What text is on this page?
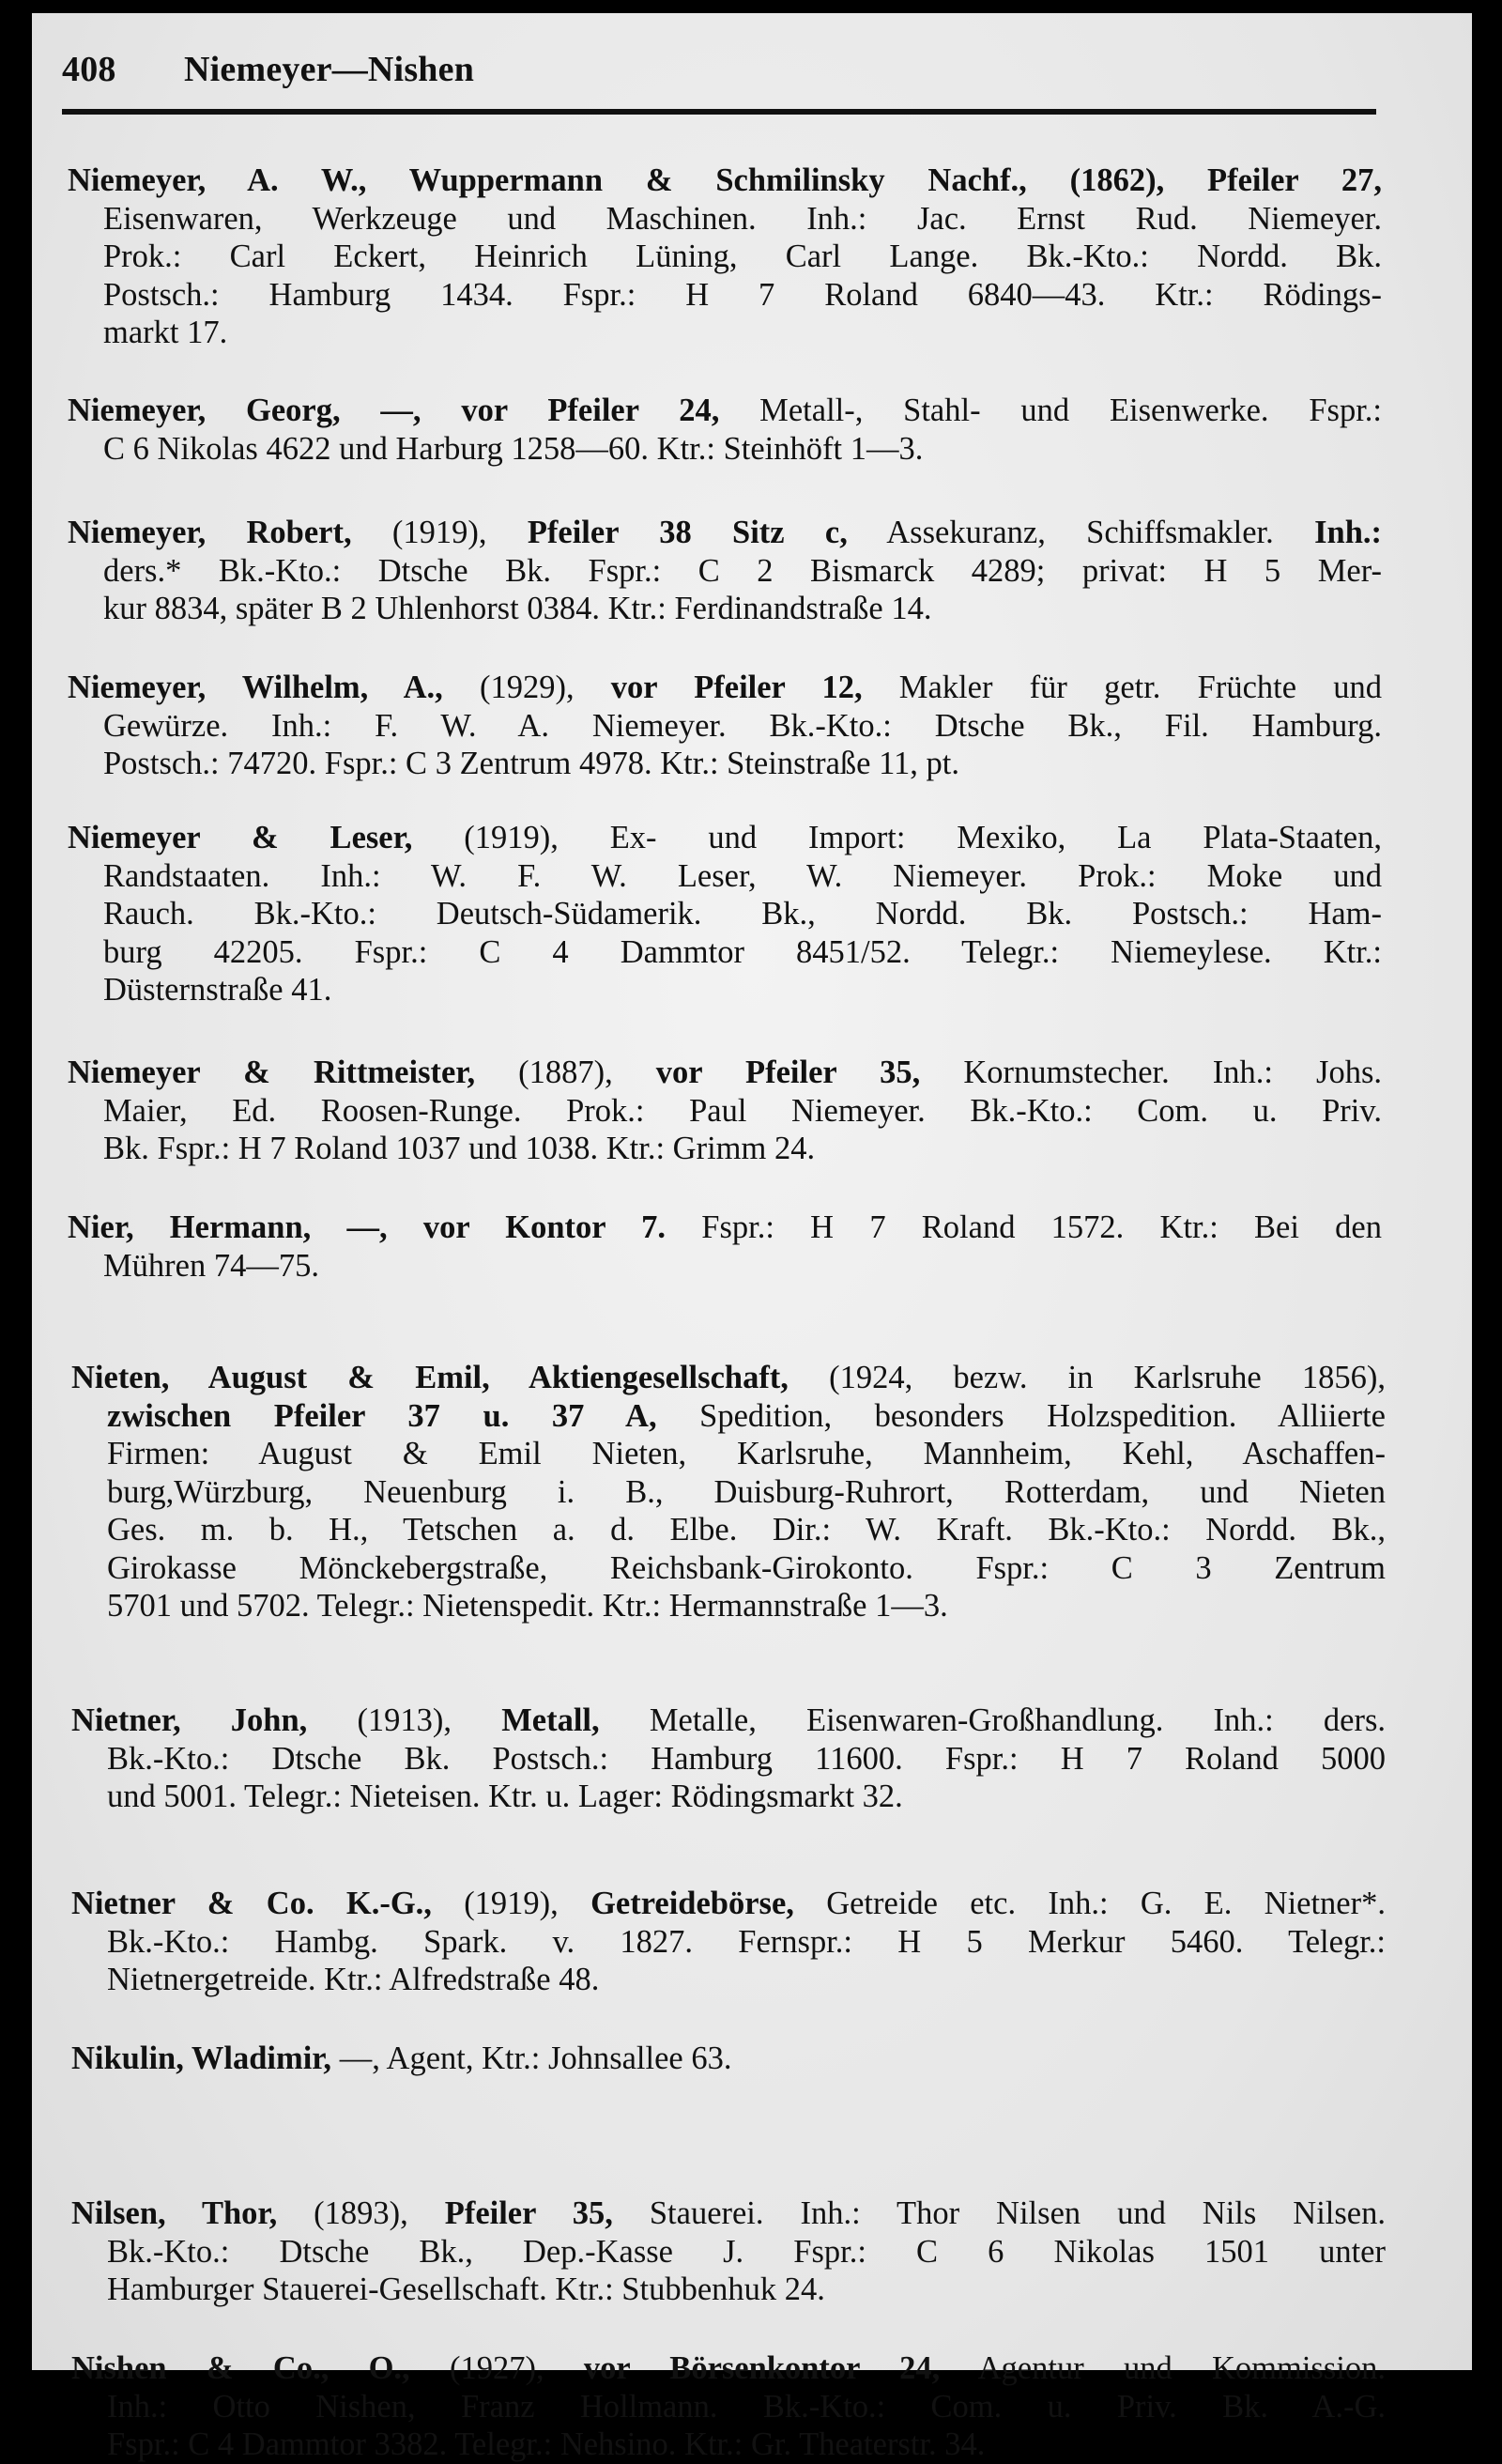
408 Niemeyer—Nishen
Niemeyer, A. W., Wuppermann & Schmilinsky Nachf., (1862), Pfeiler 27,
Eisenwaren, Werkzeuge und Maschinen. Inh.: Jac. Ernst Rud. Niemeyer.
Prok.: Carl Eckert, Heinrich Lüning, Carl Lange. Bk.-Kto.: Nordd. Bk.
Postsch.: Hamburg 1434. Fspr.: H 7 Roland 6840—43. Ktr.: Rödings-
markt 17.
Niemeyer, Georg, —, vor Pfeiler 24, Metall-, Stahl- und Eisenwerke. Fspr.:
C 6 Nikolas 4622 und Harburg 1258—60. Ktr.: Steinhöft 1—3.
Niemeyer, Robert, (1919), Pfeiler 38 Sitz c, Assekuranz, Schiffsmakler. Inh.:
ders.* Bk.-Kto.: Dtsche Bk. Fspr.: C 2 Bismarck 4289; privat: H 5 Mer-
kur 8834, später B 2 Uhlenhorst 0384. Ktr.: Ferdinandstraße 14.
Niemeyer, Wilhelm, A., (1929), vor Pfeiler 12, Makler für getr. Früchte und
Gewürze. Inh.: F. W. A. Niemeyer. Bk.-Kto.: Dtsche Bk., Fil. Hamburg.
Postsch.: 74720. Fspr.: C 3 Zentrum 4978. Ktr.: Steinstraße 11, pt.
Niemeyer & Leser, (1919), Ex- und Import: Mexiko, La Plata-Staaten,
Randstaaten. Inh.: W. F. W. Leser, W. Niemeyer. Prok.: Moke und
Rauch. Bk.-Kto.: Deutsch-Südamerik. Bk., Nordd. Bk. Postsch.: Ham-
burg 42205. Fspr.: C 4 Dammtor 8451/52. Telegr.: Niemeylese. Ktr.:
Düsternstraße 41.
Niemeyer & Rittmeister, (1887), vor Pfeiler 35, Kornumstecher. Inh.: Johs.
Maier, Ed. Roosen-Runge. Prok.: Paul Niemeyer. Bk.-Kto.: Com. u. Priv.
Bk. Fspr.: H 7 Roland 1037 und 1038. Ktr.: Grimm 24.
Nier, Hermann, —, vor Kontor 7. Fspr.: H 7 Roland 1572. Ktr.: Bei den
Mühren 74—75.
Nieten, August & Emil, Aktiengesellschaft, (1924, bezw. in Karlsruhe 1856),
zwischen Pfeiler 37 u. 37 A, Spedition, besonders Holzspedition. Alliierte
Firmen: August & Emil Nieten, Karlsruhe, Mannheim, Kehl, Aschaffen-
burg,Würzburg, Neuenburg i. B., Duisburg-Ruhrort, Rotterdam, und Nieten
Ges. m. b. H., Tetschen a. d. Elbe. Dir.: W. Kraft. Bk.-Kto.: Nordd. Bk.,
Girokasse Mönckebergstraße, Reichsbank-Girokonto. Fspr.: C 3 Zentrum
5701 und 5702. Telegr.: Nietenspedit. Ktr.: Hermannstraße 1—3.
Nietner, John, (1913), Metall, Metalle, Eisenwaren-Großhandlung. Inh.: ders.
Bk.-Kto.: Dtsche Bk. Postsch.: Hamburg 11600. Fspr.: H 7 Roland 5000
und 5001. Telegr.: Nieteisen. Ktr. u. Lager: Rödingsmarkt 32.
Nietner & Co. K.-G., (1919), Getreidebörse, Getreide etc. Inh.: G. E. Nietner*.
Bk.-Kto.: Hambg. Spark. v. 1827. Fernspr.: H 5 Merkur 5460. Telegr.:
Nietnergetreide. Ktr.: Alfredstraße 48.
Nikulin, Wladimir, —, Agent, Ktr.: Johnsallee 63.
Nilsen, Thor, (1893), Pfeiler 35, Stauerei. Inh.: Thor Nilsen und Nils Nilsen.
Bk.-Kto.: Dtsche Bk., Dep.-Kasse J. Fspr.: C 6 Nikolas 1501 unter
Hamburger Stauerei-Gesellschaft. Ktr.: Stubbenhuk 24.
Nishen & Co., O., (1927), vor Börsenkontor 24, Agentur und Kommission.
Inh.: Otto Nishen, Franz Hollmann. Bk.-Kto.: Com. u. Priv. Bk. A.-G.
Fspr.: C 4 Dammtor 3382. Telegr.: Nehsino. Ktr.: Gr. Theaterstr. 34.
